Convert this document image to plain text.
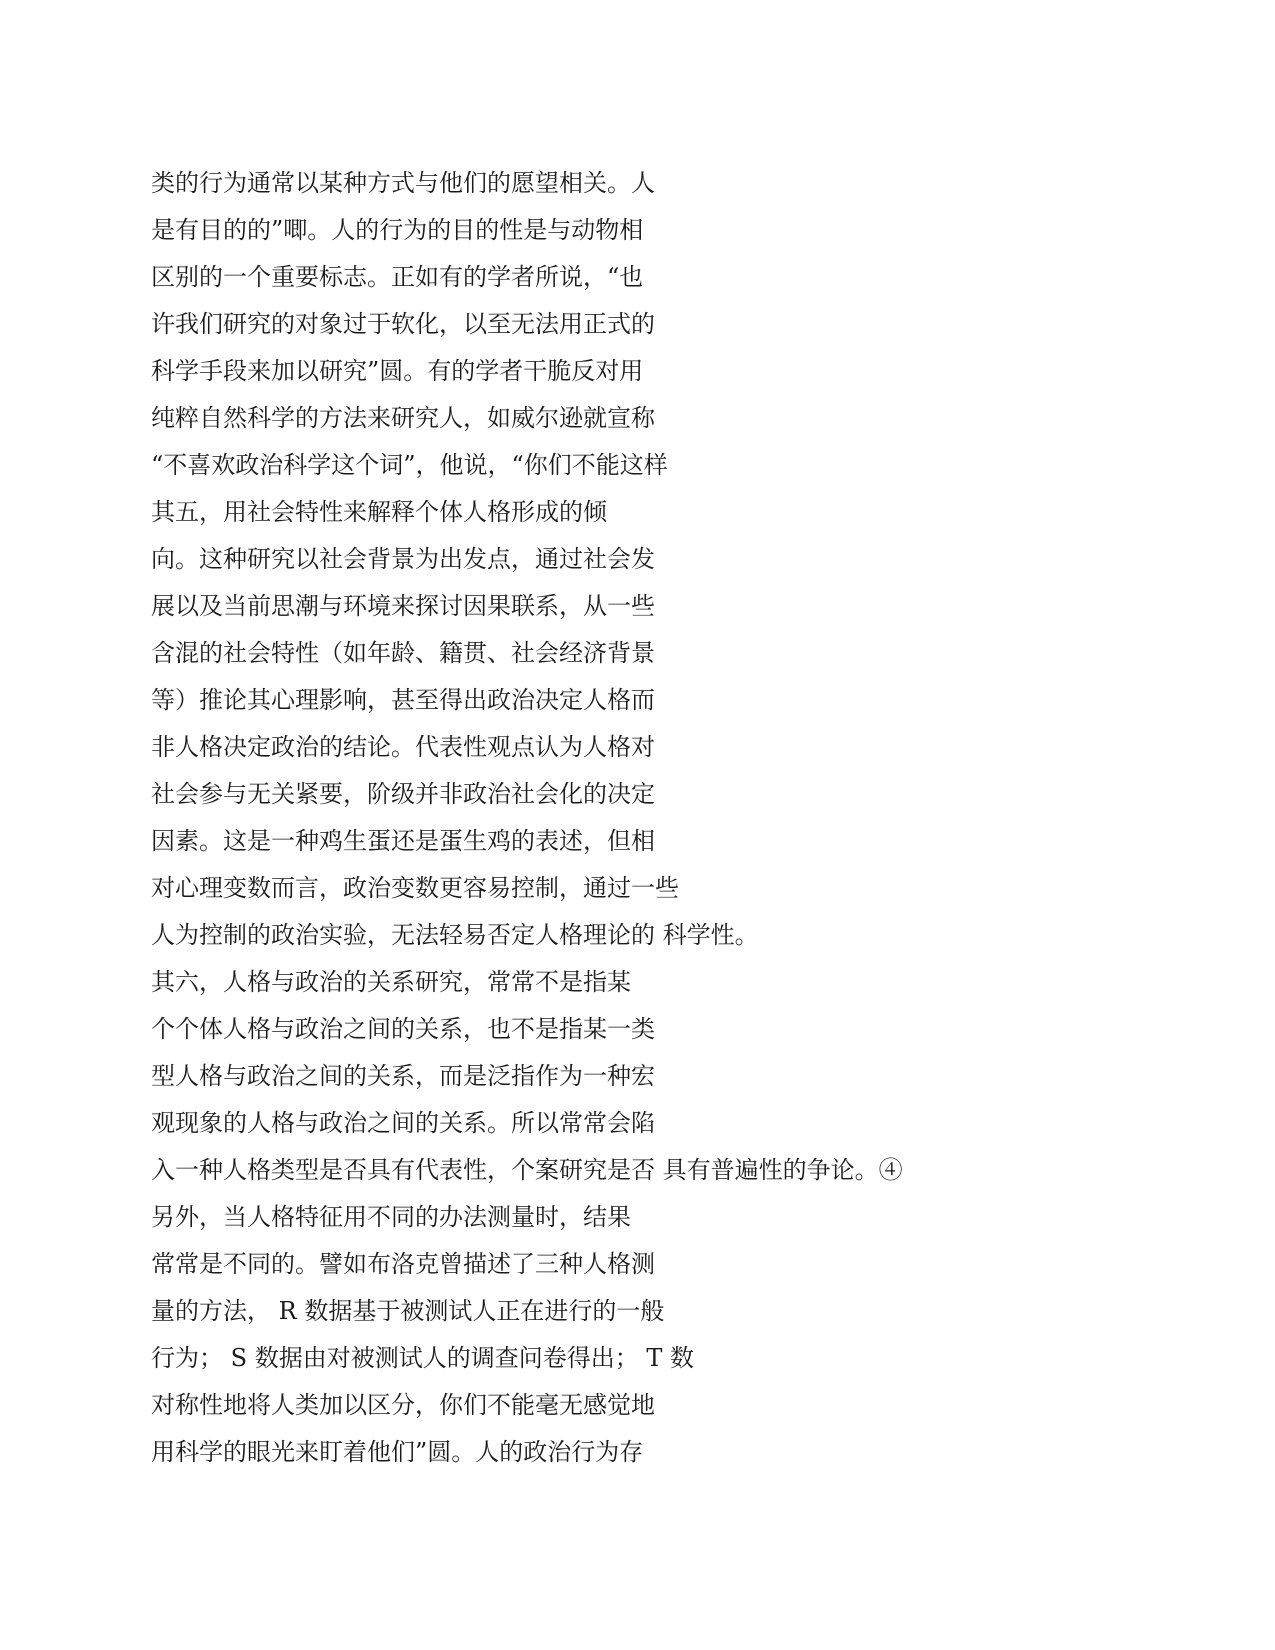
类的行为通常以某种方式与他们的愿望相关。人
是有目的的”唧。人的行为的目的性是与动物相
区别的一个重要标志。正如有的学者所说，“也
许我们研究的对象过于软化，以至无法用正式的
科学手段来加以研究”圆。有的学者干脆反对用
纯粹自然科学的方法来研究人，如威尔逊就宣称
“不喜欢政治科学这个词”，他说，“你们不能这样
其五，用社会特性来解释个体人格形成的倾
向。这种研究以社会背景为出发点，通过社会发
展以及当前思潮与环境来探讨因果联系，从一些
含混的社会特性（如年龄、籍贯、社会经济背景
等）推论其心理影响，甚至得出政治决定人格而
非人格决定政治的结论。代表性观点认为人格对
社会参与无关紧要，阶级并非政治社会化的决定
因素。这是一种鸡生蛋还是蛋生鸡的表述，但相
对心理变数而言，政治变数更容易控制，通过一些
人为控制的政治实验，无法轻易否定人格理论的 科学性。
其六，人格与政治的关系研究，常常不是指某
个个体人格与政治之间的关系，也不是指某一类
型人格与政治之间的关系，而是泛指作为一种宏
观现象的人格与政治之间的关系。所以常常会陷
入一种人格类型是否具有代表性，个案研究是否 具有普遍性的争论。④
另外，当人格特征用不同的办法测量时，结果
常常是不同的。譬如布洛克曾描述了三种人格测
量的方法， R 数据基于被测试人正在进行的一般
行为； S 数据由对被测试人的调查问卷得出； T 数
对称性地将人类加以区分，你们不能毫无感觉地
用科学的眼光来盯着他们”圆。人的政治行为存
